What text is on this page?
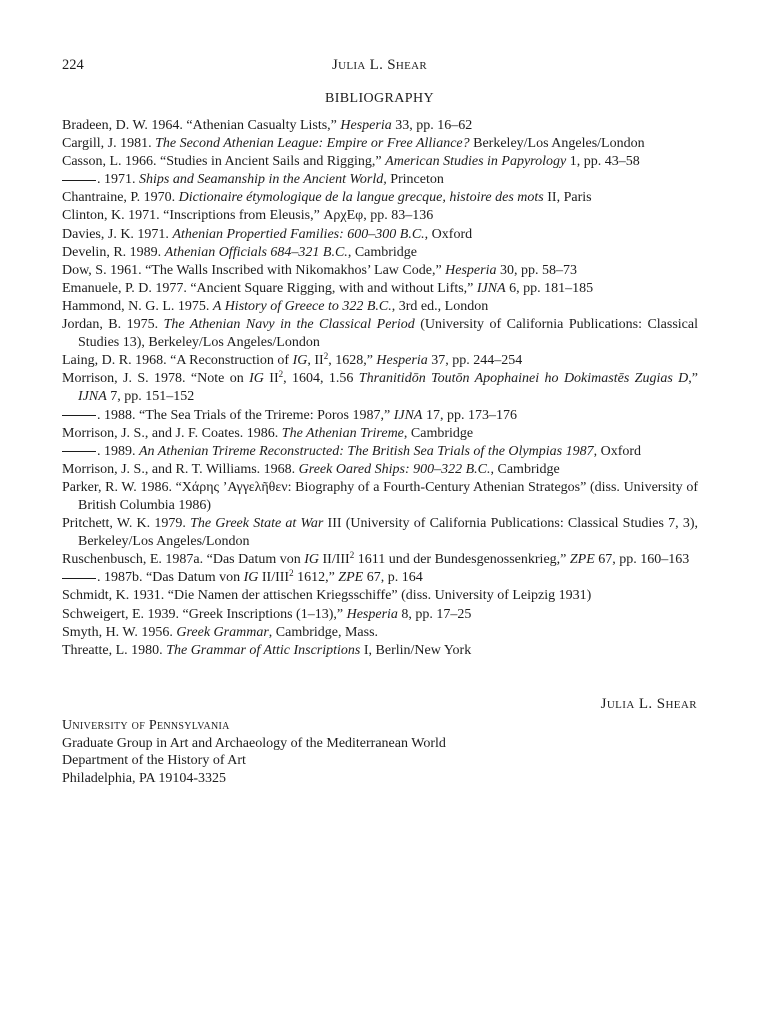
224	Julia L. Shear
BIBLIOGRAPHY
Bradeen, D. W. 1964. “Athenian Casualty Lists,” Hesperia 33, pp. 16–62
Cargill, J. 1981. The Second Athenian League: Empire or Free Alliance? Berkeley/Los Angeles/London
Casson, L. 1966. “Studies in Ancient Sails and Rigging,” American Studies in Papyrology 1, pp. 43–58
. 1971. Ships and Seamanship in the Ancient World, Princeton
Chantraine, P. 1970. Dictionaire étymologique de la langue grecque, histoire des mots II, Paris
Clinton, K. 1971. “Inscriptions from Eleusis,” ΑρχΕφ, pp. 83–136
Davies, J. K. 1971. Athenian Propertied Families: 600–300 B.C., Oxford
Develin, R. 1989. Athenian Officials 684–321 B.C., Cambridge
Dow, S. 1961. “The Walls Inscribed with Nikomakhos’ Law Code,” Hesperia 30, pp. 58–73
Emanuele, P. D. 1977. “Ancient Square Rigging, with and without Lifts,” IJNA 6, pp. 181–185
Hammond, N. G. L. 1975. A History of Greece to 322 B.C., 3rd ed., London
Jordan, B. 1975. The Athenian Navy in the Classical Period (University of California Publications: Classical Studies 13), Berkeley/Los Angeles/London
Laing, D. R. 1968. “A Reconstruction of IG, $II^2$, 1628,” Hesperia 37, pp. 244–254
Morrison, J. S. 1978. “Note on IG $II^2$, 1604, 1.56 Thranitidōn Toutōn Apophainei ho Dokimastēs Zugias D,” IJNA 7, pp. 151–152
. 1988. “The Sea Trials of the Trireme: Poros 1987,” IJNA 17, pp. 173–176
Morrison, J. S., and J. F. Coates. 1986. The Athenian Trireme, Cambridge
. 1989. An Athenian Trireme Reconstructed: The British Sea Trials of the Olympias 1987, Oxford
Morrison, J. S., and R. T. Williams. 1968. Greek Oared Ships: 900–322 B.C., Cambridge
Parker, R. W. 1986. “Χάρης ’Αγγελῆθεν: Biography of a Fourth-Century Athenian Strategos” (diss. University of British Columbia 1986)
Pritchett, W. K. 1979. The Greek State at War III (University of California Publications: Classical Studies 7, 3), Berkeley/Los Angeles/London
Ruschenbusch, E. 1987a. “Das Datum von IG II/III$^2$ 1611 und der Bundesgenossenkrieg,” ZPE 67, pp. 160–163
. 1987b. “Das Datum von IG II/III$^2$ 1612,” ZPE 67, p. 164
Schmidt, K. 1931. “Die Namen der attischen Kriegsschiffe” (diss. University of Leipzig 1931)
Schweigert, E. 1939. “Greek Inscriptions (1–13),” Hesperia 8, pp. 17–25
Smyth, H. W. 1956. Greek Grammar, Cambridge, Mass.
Threatte, L. 1980. The Grammar of Attic Inscriptions I, Berlin/New York
Julia L. Shear
University of Pennsylvania
Graduate Group in Art and Archaeology of the Mediterranean World
Department of the History of Art
Philadelphia, PA 19104-3325
